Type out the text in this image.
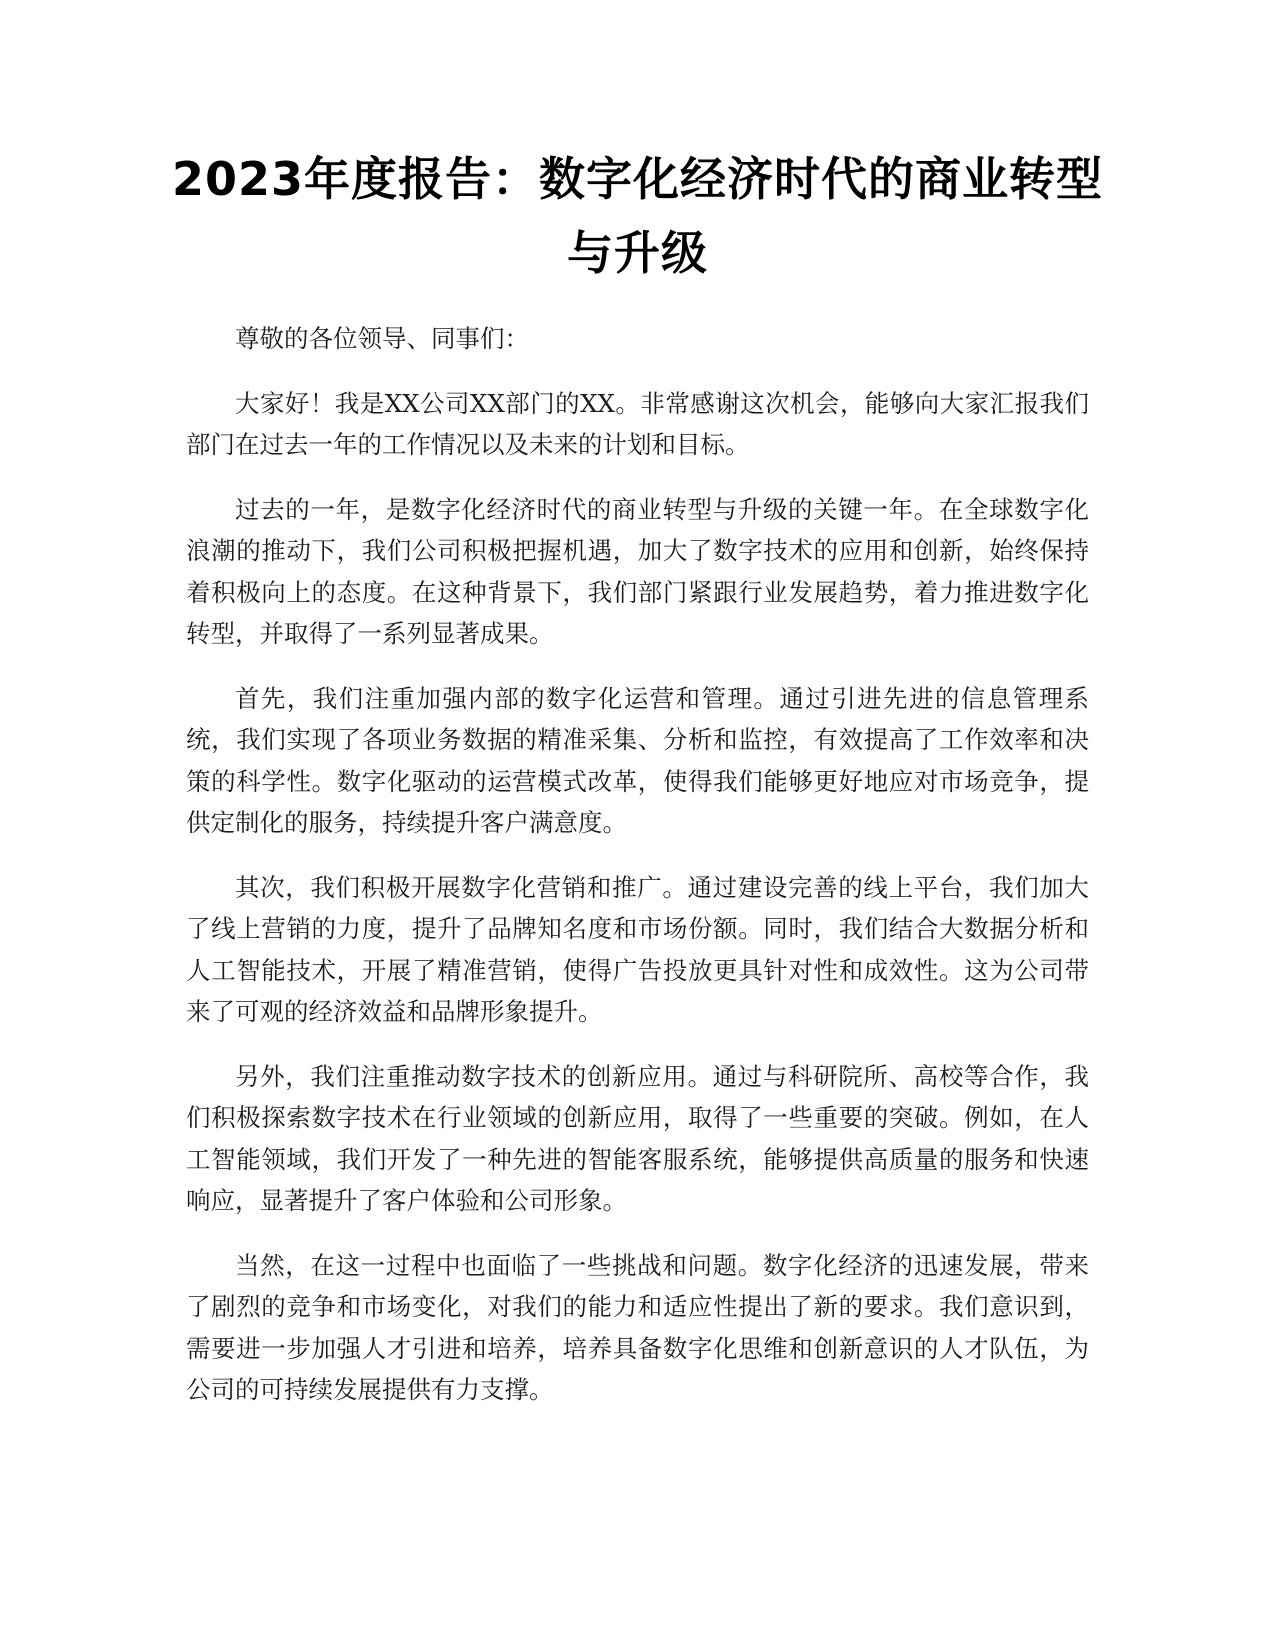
2023年度报告：数字化经济时代的商业转型与升级

尊敬的各位领导、同事们：

大家好！我是XX公司XX部门的XX。非常感谢这次机会，能够向大家汇报我们部门在过去一年的工作情况以及未来的计划和目标。

过去的一年，是数字化经济时代的商业转型与升级的关键一年。在全球数字化浪潮的推动下，我们公司积极把握机遇，加大了数字技术的应用和创新，始终保持着积极向上的态度。在这种背景下，我们部门紧跟行业发展趋势，着力推进数字化转型，并取得了一系列显著成果。

首先，我们注重加强内部的数字化运营和管理。通过引进先进的信息管理系统，我们实现了各项业务数据的精准采集、分析和监控，有效提高了工作效率和决策的科学性。数字化驱动的运营模式改革，使得我们能够更好地应对市场竞争，提供定制化的服务，持续提升客户满意度。

其次，我们积极开展数字化营销和推广。通过建设完善的线上平台，我们加大了线上营销的力度，提升了品牌知名度和市场份额。同时，我们结合大数据分析和人工智能技术，开展了精准营销，使得广告投放更具针对性和成效性。这为公司带来了可观的经济效益和品牌形象提升。

另外，我们注重推动数字技术的创新应用。通过与科研院所、高校等合作，我们积极探索数字技术在行业领域的创新应用，取得了一些重要的突破。例如，在人工智能领域，我们开发了一种先进的智能客服系统，能够提供高质量的服务和快速响应，显著提升了客户体验和公司形象。

当然，在这一过程中也面临了一些挑战和问题。数字化经济的迅速发展，带来了剧烈的竞争和市场变化，对我们的能力和适应性提出了新的要求。我们意识到，需要进一步加强人才引进和培养，培养具备数字化思维和创新意识的人才队伍，为公司的可持续发展提供有力支撑。
